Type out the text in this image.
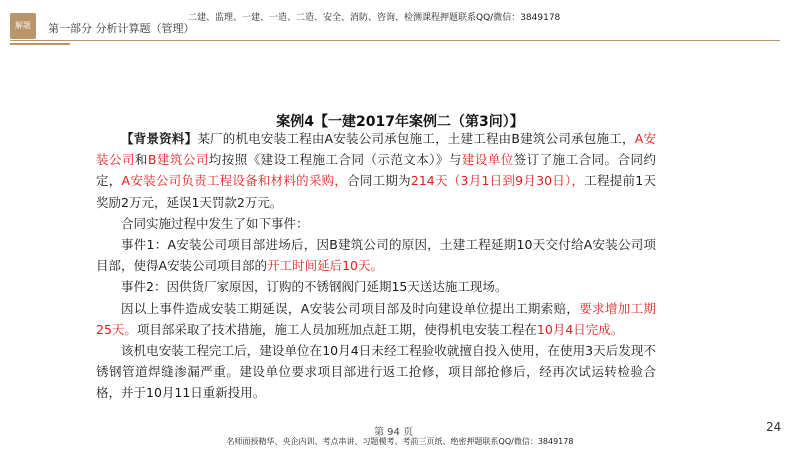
解题
二建、监理、一建、一造、二造、安全、消防、咨询、检测课程押题联系QQ/微信：3849178
第一部分 分析计算题（管理）
案例4【一建2017年案例二（第3问）】

【背景资料】某厂的机电安装工程由A安装公司承包施工，土建工程由B建筑公司承包施工，A安装公司和B建筑公司均按照《建设工程施工合同（示范文本）》与建设单位签订了施工合同。合同约定，A安装公司负责工程设备和材料的采购，合同工期为214天（3月1日到9月30日），工程提前1天奖励2万元，延误1天罚款2万元。

合同实施过程中发生了如下事件：

事件1：A安装公司项目部进场后，因B建筑公司的原因，土建工程延期10天交付给A安装公司项目部，使得A安装公司项目部的开工时间延后10天。

事件2：因供货厂家原因，订购的不锈钢阀门延期15天送达施工现场。

因以上事件造成安装工期延误，A安装公司项目部及时向建设单位提出工期索赔，要求增加工期25天。项目部采取了技术措施，施工人员加班加点赶工期，使得机电安装工程在10月4日完成。

该机电安装工程完工后，建设单位在10月4日未经工程验收就擅自投入使用，在使用3天后发现不锈钢管道焊缝渗漏严重。建设单位要求项目部进行返工抢修，项目部抢修后，经再次试运转检验合格，并于10月11日重新投用。

第 94 页
名师面授精华、央企内训、考点串讲、习题模考、考前三页纸、绝密押题联系QQ/微信：3849178
24
